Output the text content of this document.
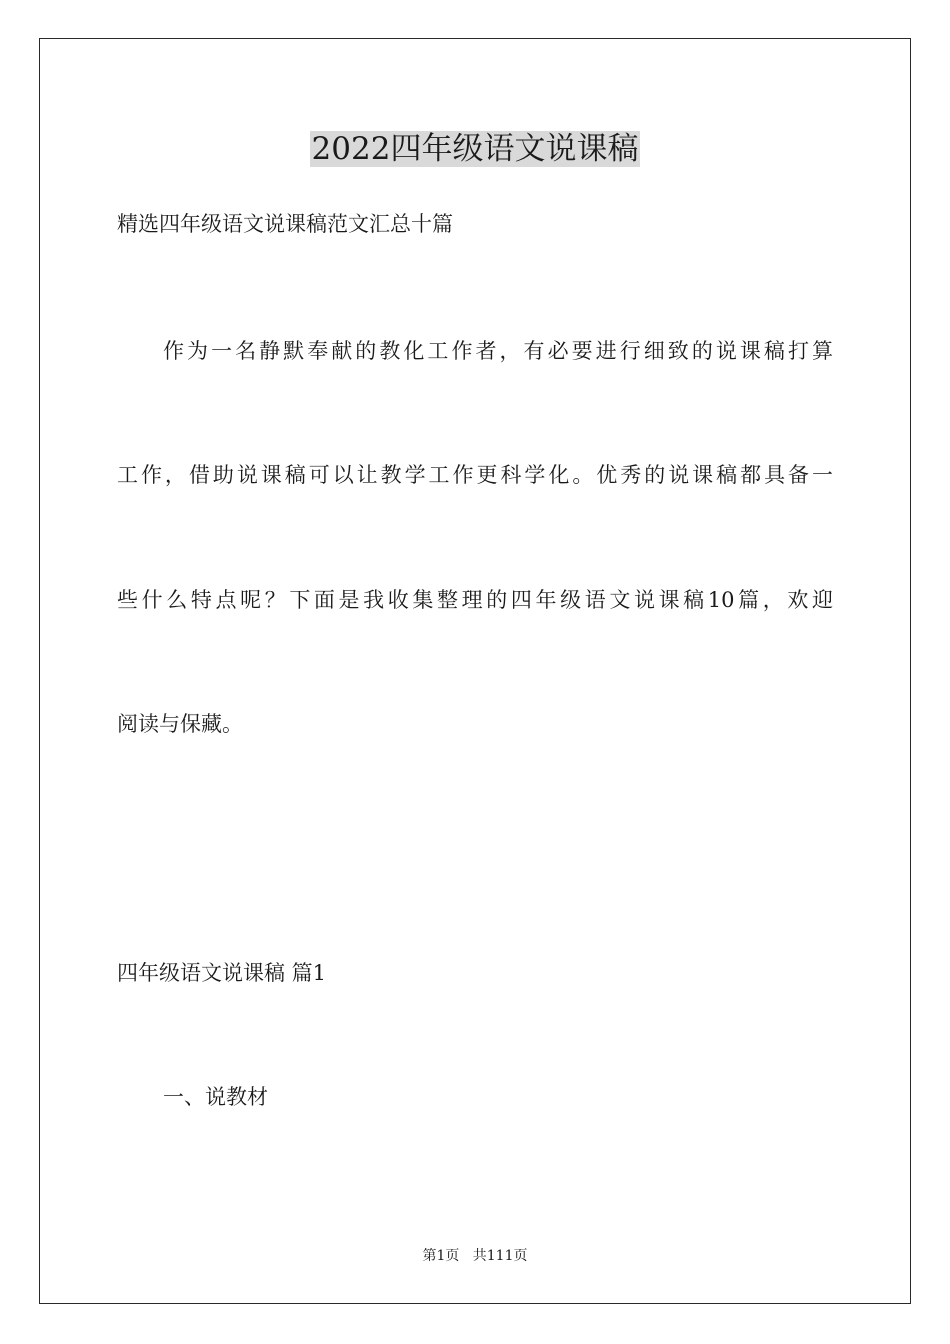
2022四年级语文说课稿

精选四年级语文说课稿范文汇总十篇

作为一名静默奉献的教化工作者，有必要进行细致的说课稿打算

工作，借助说课稿可以让教学工作更科学化。优秀的说课稿都具备一

些什么特点呢？下面是我收集整理的四年级语文说课稿10篇，欢迎

阅读与保藏。

四年级语文说课稿 篇1

一、说教材

第1页   共111页
